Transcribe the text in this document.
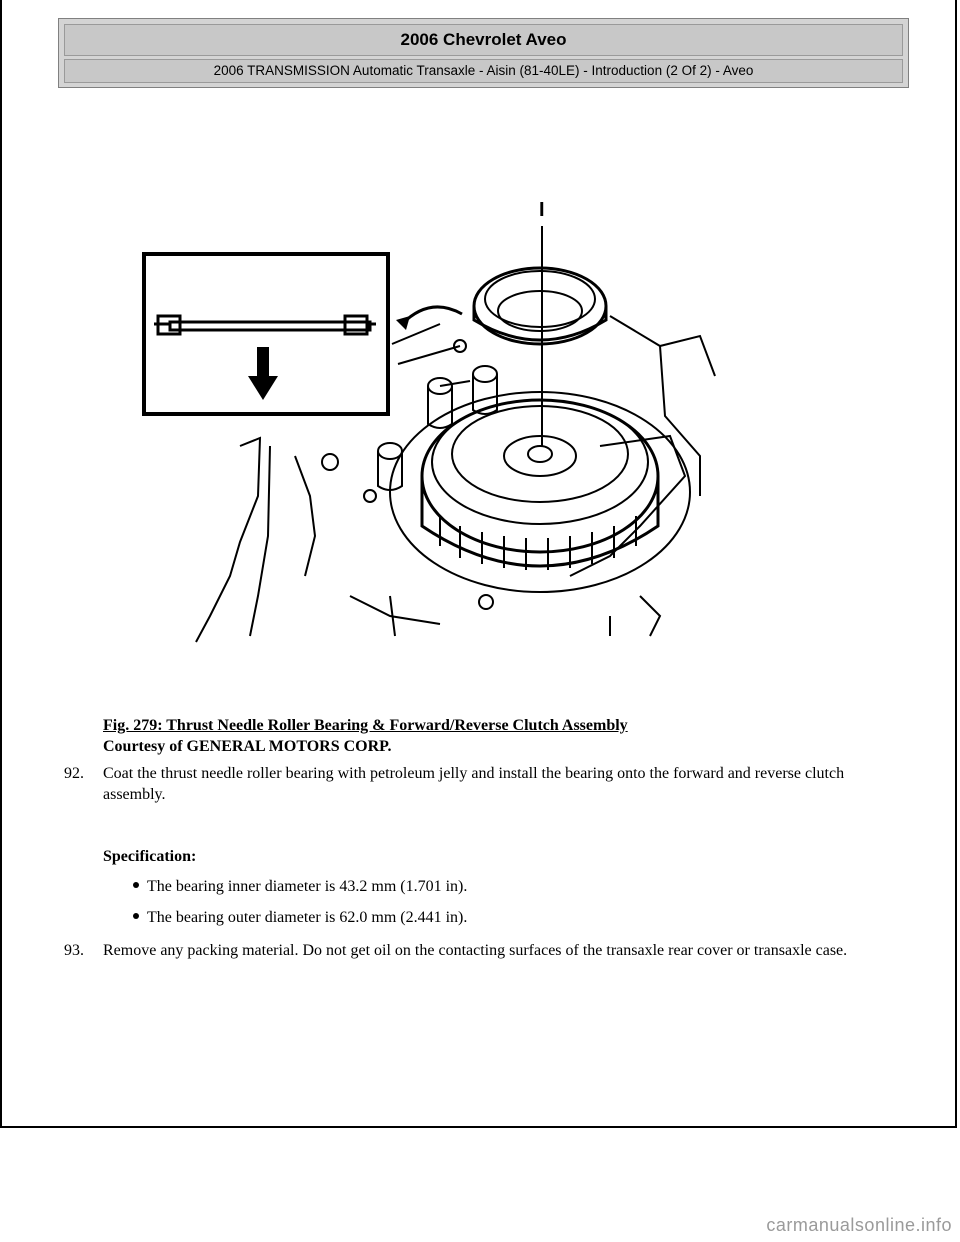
2006 Chevrolet Aveo
2006 TRANSMISSION Automatic Transaxle - Aisin (81-40LE) - Introduction (2 Of 2) - Aveo
I
Fig. 279: Thrust Needle Roller Bearing & Forward/Reverse Clutch Assembly
Courtesy of GENERAL MOTORS CORP.
92. Coat the thrust needle roller bearing with petroleum jelly and install the bearing onto the forward and reverse clutch assembly.
Specification:
The bearing inner diameter is 43.2 mm (1.701 in).
The bearing outer diameter is 62.0 mm (2.441 in).
93. Remove any packing material. Do not get oil on the contacting surfaces of the transaxle rear cover or transaxle case.
carmanualsonline.info
